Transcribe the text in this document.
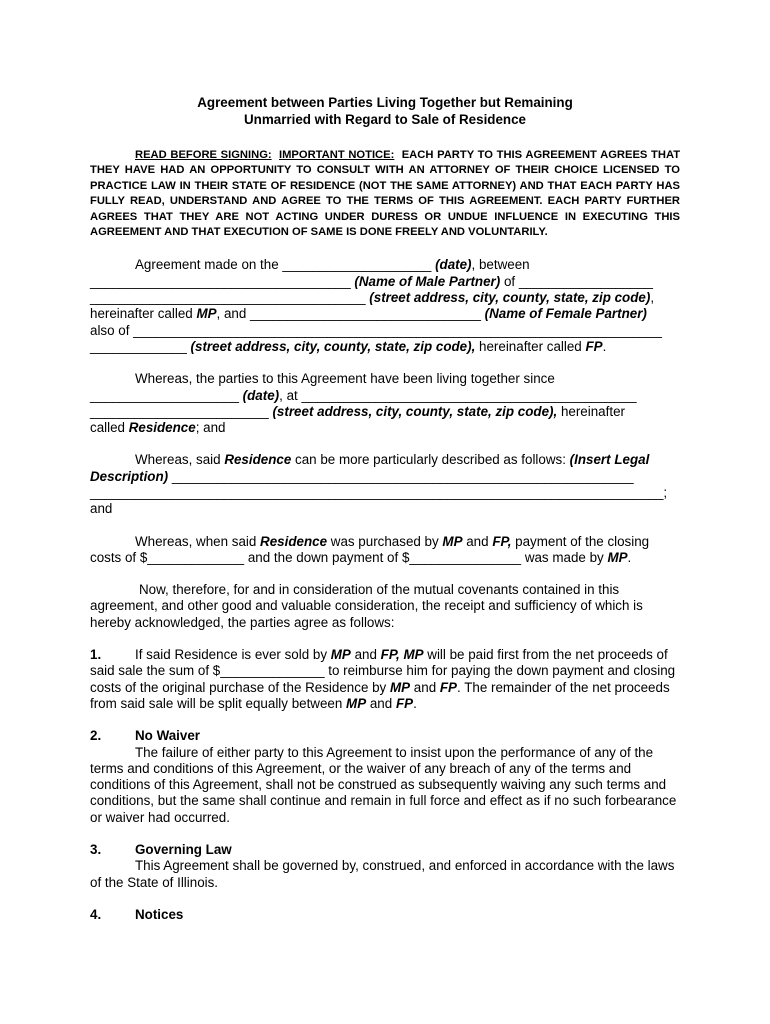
Agreement between Parties Living Together but Remaining
Unmarried with Regard to Sale of Residence

READ BEFORE SIGNING: IMPORTANT NOTICE: EACH PARTY TO THIS AGREEMENT AGREES THAT THEY HAVE HAD AN OPPORTUNITY TO CONSULT WITH AN ATTORNEY OF THEIR CHOICE LICENSED TO PRACTICE LAW IN THEIR STATE OF RESIDENCE (NOT THE SAME ATTORNEY) AND THAT EACH PARTY HAS FULLY READ, UNDERSTAND AND AGREE TO THE TERMS OF THIS AGREEMENT. EACH PARTY FURTHER AGREES THAT THEY ARE NOT ACTING UNDER DURESS OR UNDUE INFLUENCE IN EXECUTING THIS AGREEMENT AND THAT EXECUTION OF SAME IS DONE FREELY AND VOLUNTARILY.

Agreement made on the ____________________ (date), between

___________________________________ (Name of Male Partner) of __________________

_____________________________________ (street address, city, county, state, zip code),

hereinafter called MP, and _______________________________ (Name of Female Partner)

also of _______________________________________________________________________

_____________ (street address, city, county, state, zip code), hereinafter called FP.

Whereas, the parties to this Agreement have been living together since

____________________ (date), at _____________________________________________

________________________ (street address, city, county, state, zip code), hereinafter

called Residence; and

Whereas, said Residence can be more particularly described as follows: (Insert Legal Description) ______________________________________________________________

_____________________________________________________________________________; and

Whereas, when said Residence was purchased by MP and FP, payment of the closing costs of $_____________ and the down payment of $_______________ was made by MP.

Now, therefore, for and in consideration of the mutual covenants contained in this agreement, and other good and valuable consideration, the receipt and sufficiency of which is hereby acknowledged, the parties agree as follows:

1.	If said Residence is ever sold by MP and FP, MP will be paid first from the net proceeds of said sale the sum of $______________ to reimburse him for paying the down payment and closing costs of the original purchase of the Residence by MP and FP. The remainder of the net proceeds from said sale will be split equally between MP and FP.

2.	No Waiver

The failure of either party to this Agreement to insist upon the performance of any of the terms and conditions of this Agreement, or the waiver of any breach of any of the terms and conditions of this Agreement, shall not be construed as subsequently waiving any such terms and conditions, but the same shall continue and remain in full force and effect as if no such forbearance or waiver had occurred.

3.	Governing Law

This Agreement shall be governed by, construed, and enforced in accordance with the laws of the State of Illinois.

4.	Notices
